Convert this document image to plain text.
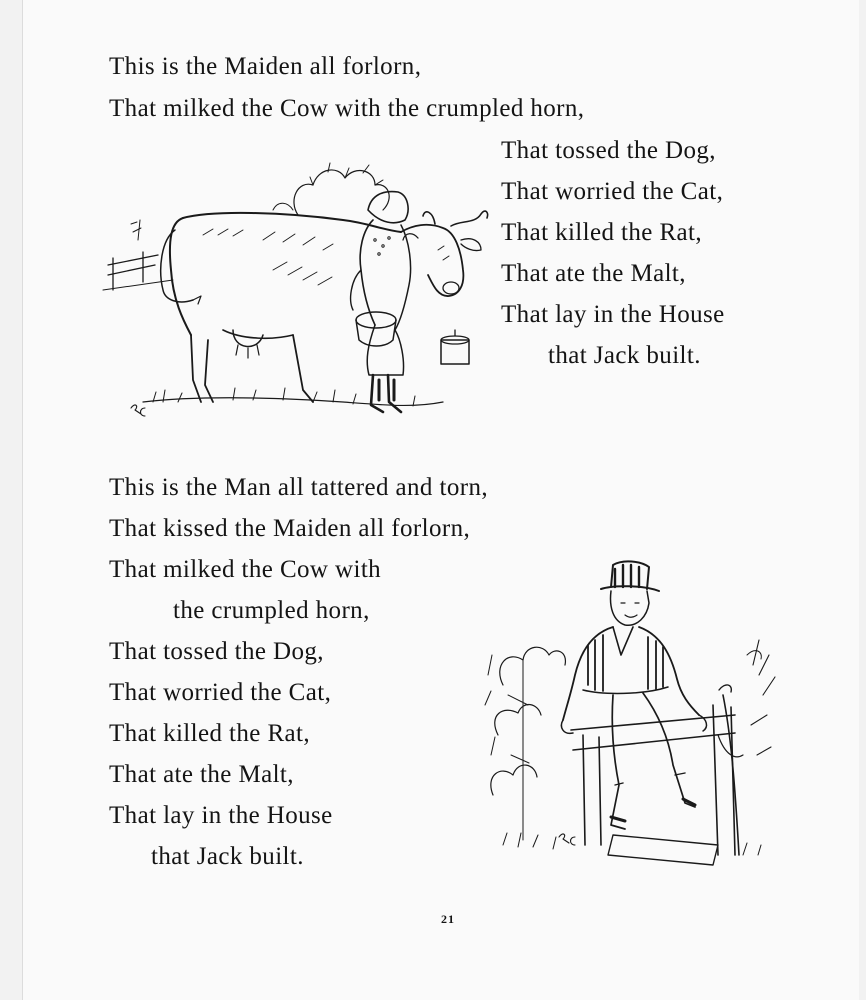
This is the Maiden all forlorn,
That milked the Cow with the crumpled horn,
That tossed the Dog,
That worried the Cat,
That killed the Rat,
That ate the Malt,
That lay in the House
that Jack built.
This is the Man all tattered and torn,
That kissed the Maiden all forlorn,
That milked the Cow with
the crumpled horn,
That tossed the Dog,
That worried the Cat,
That killed the Rat,
That ate the Malt,
That lay in the House
that Jack built.
21
